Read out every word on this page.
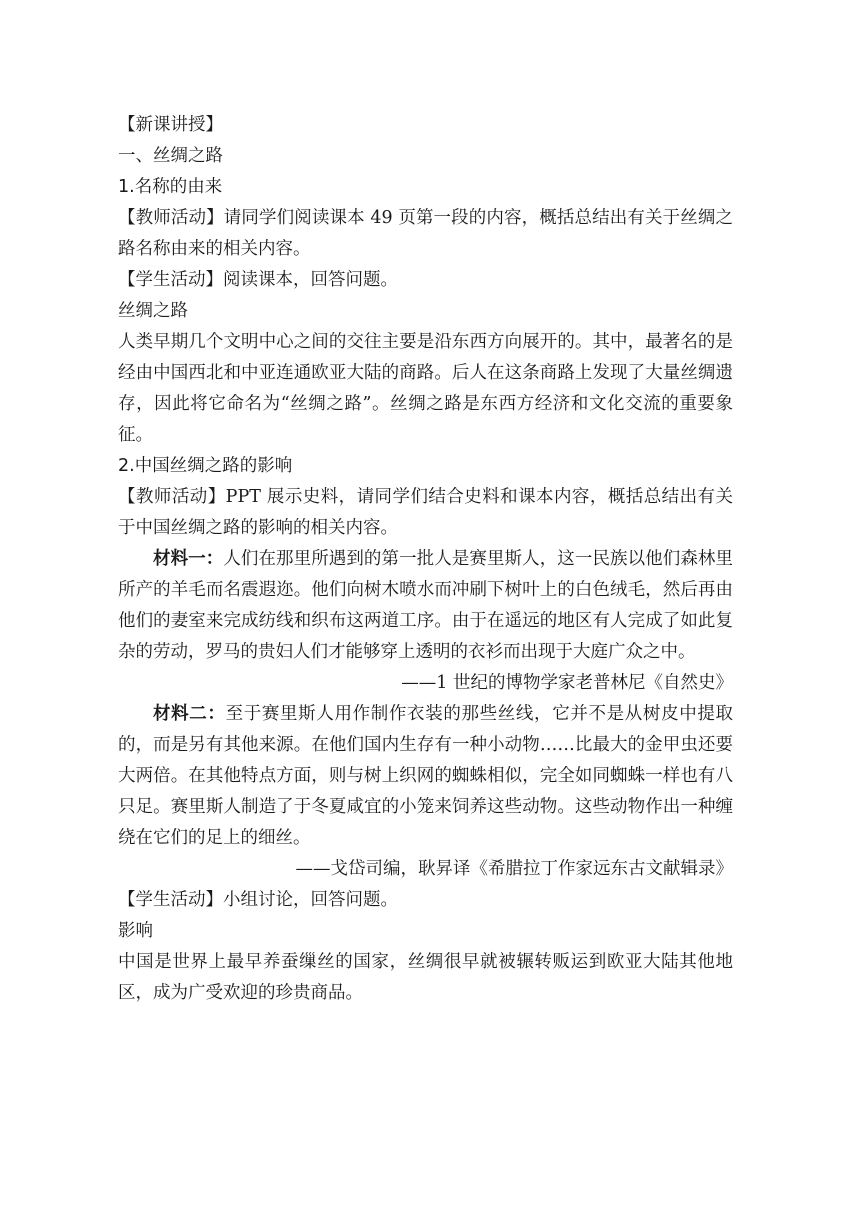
【新课讲授】

一、丝绸之路

1.名称的由来

【教师活动】请同学们阅读课本 49 页第一段的内容，概括总结出有关于丝绸之路名称由来的相关内容。

【学生活动】阅读课本，回答问题。

丝绸之路

人类早期几个文明中心之间的交往主要是沿东西方向展开的。其中，最著名的是经由中国西北和中亚连通欧亚大陆的商路。后人在这条商路上发现了大量丝绸遗存，因此将它命名为“丝绸之路”。丝绸之路是东西方经济和文化交流的重要象征。

2.中国丝绸之路的影响

【教师活动】PPT 展示史料，请同学们结合史料和课本内容，概括总结出有关于中国丝绸之路的影响的相关内容。

材料一：人们在那里所遇到的第一批人是赛里斯人，这一民族以他们森林里所产的羊毛而名震遐迩。他们向树木喷水而冲刷下树叶上的白色绒毛，然后再由他们的妻室来完成纺线和织布这两道工序。由于在遥远的地区有人完成了如此复杂的劳动，罗马的贵妇人们才能够穿上透明的衣衫而出现于大庭广众之中。

——1 世纪的博物学家老普林尼《自然史》

材料二：至于赛里斯人用作制作衣装的那些丝线，它并不是从树皮中提取的，而是另有其他来源。在他们国内生存有一种小动物……比最大的金甲虫还要大两倍。在其他特点方面，则与树上织网的蜘蛛相似，完全如同蜘蛛一样也有八只足。赛里斯人制造了于冬夏咸宜的小笼来饲养这些动物。这些动物作出一种缠绕在它们的足上的细丝。

——戈岱司编，耿昇译《希腊拉丁作家远东古文献辑录》

【学生活动】小组讨论，回答问题。

影响

中国是世界上最早养蚕缫丝的国家，丝绸很早就被辗转贩运到欧亚大陆其他地区，成为广受欢迎的珍贵商品。
